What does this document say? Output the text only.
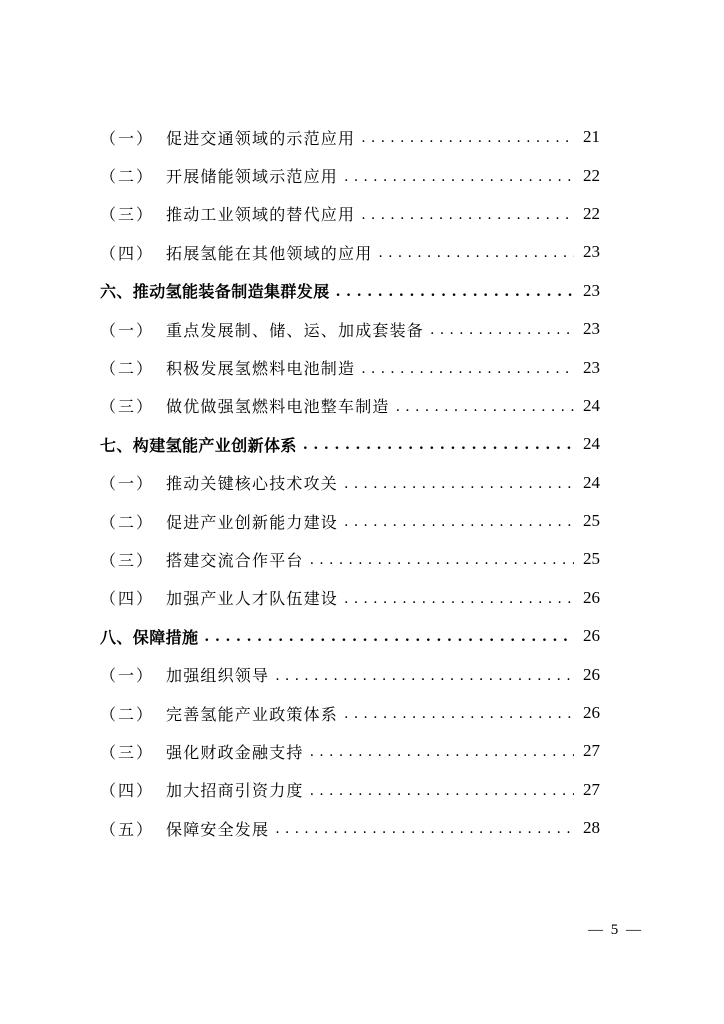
（一） 促进交通领域的示范应用 . . .	21
（二） 开展储能领域示范应用 . . .	22
（三） 推动工业领域的替代应用 . . .	22
（四） 拓展氢能在其他领域的应用 . . .	23
六、推动氢能装备制造集群发展 . . .	23
（一） 重点发展制、储、运、加成套装备 . . .	23
（二） 积极发展氢燃料电池制造 . . .	23
（三） 做优做强氢燃料电池整车制造 . . .	24
七、构建氢能产业创新体系 . . .	24
（一） 推动关键核心技术攻关 . . .	24
（二） 促进产业创新能力建设 . . .	25
（三） 搭建交流合作平台 . . .	25
（四） 加强产业人才队伍建设 . . .	26
八、保障措施 . . .	26
（一） 加强组织领导 . . .	26
（二） 完善氢能产业政策体系 . . .	26
（三） 强化财政金融支持 . . .	27
（四） 加大招商引资力度 . . .	27
（五） 保障安全发展 . . .	28
— 5 —
